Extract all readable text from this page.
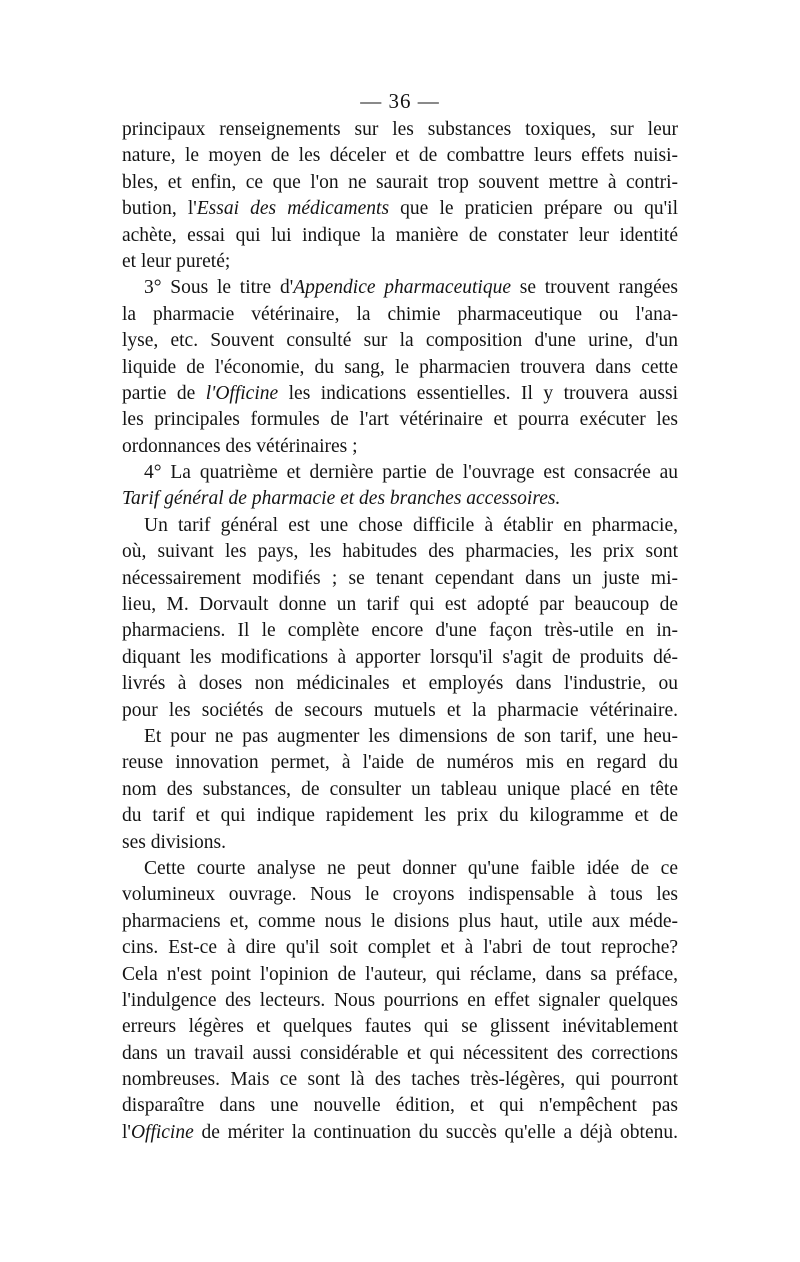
— 36 —
principaux renseignements sur les substances toxiques, sur leur
nature, le moyen de les déceler et de combattre leurs effets nuisi-
bles, et enfin, ce que l'on ne saurait trop souvent mettre à contri-
bution, l'Essai des médicaments que le praticien prépare ou qu'il
achète, essai qui lui indique la manière de constater leur identité
et leur pureté;
3° Sous le titre d'Appendice pharmaceutique se trouvent rangées
la pharmacie vétérinaire, la chimie pharmaceutique ou l'ana-
lyse, etc. Souvent consulté sur la composition d'une urine, d'un
liquide de l'économie, du sang, le pharmacien trouvera dans cette
partie de l'Officine les indications essentielles. Il y trouvera aussi
les principales formules de l'art vétérinaire et pourra exécuter les
ordonnances des vétérinaires ;
4° La quatrième et dernière partie de l'ouvrage est consacrée au
Tarif général de pharmacie et des branches accessoires.
Un tarif général est une chose difficile à établir en pharmacie,
où, suivant les pays, les habitudes des pharmacies, les prix sont
nécessairement modifiés ; se tenant cependant dans un juste mi-
lieu, M. Dorvault donne un tarif qui est adopté par beaucoup de
pharmaciens. Il le complète encore d'une façon très-utile en in-
diquant les modifications à apporter lorsqu'il s'agit de produits dé-
livrés à doses non médicinales et employés dans l'industrie, ou
pour les sociétés de secours mutuels et la pharmacie vétérinaire.
Et pour ne pas augmenter les dimensions de son tarif, une heu-
reuse innovation permet, à l'aide de numéros mis en regard du
nom des substances, de consulter un tableau unique placé en tête
du tarif et qui indique rapidement les prix du kilogramme et de
ses divisions.
Cette courte analyse ne peut donner qu'une faible idée de ce
volumineux ouvrage. Nous le croyons indispensable à tous les
pharmaciens et, comme nous le disions plus haut, utile aux méde-
cins. Est-ce à dire qu'il soit complet et à l'abri de tout reproche?
Cela n'est point l'opinion de l'auteur, qui réclame, dans sa préface,
l'indulgence des lecteurs. Nous pourrions en effet signaler quelques
erreurs légères et quelques fautes qui se glissent inévitablement
dans un travail aussi considérable et qui nécessitent des corrections
nombreuses. Mais ce sont là des taches très-légères, qui pourront
disparaître dans une nouvelle édition, et qui n'empêchent pas
l'Officine de mériter la continuation du succès qu'elle a déjà obtenu.
